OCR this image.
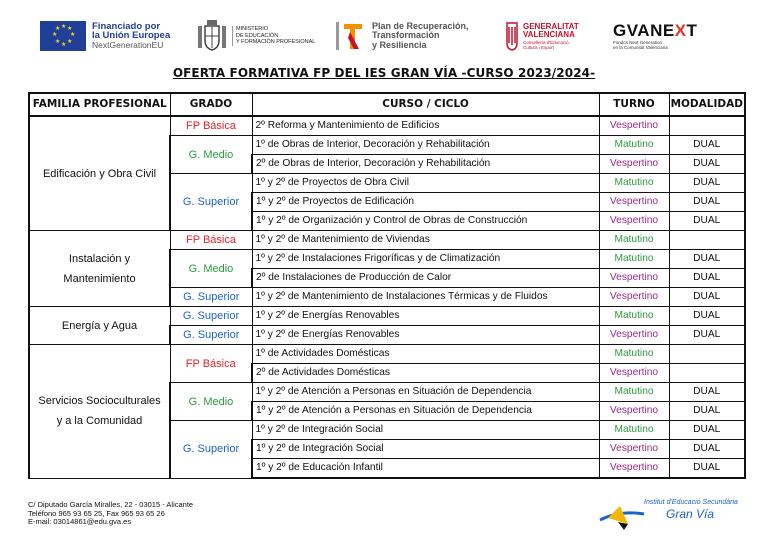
★ ★
★
★
★
★
★
★	Financiado por
la Unión Europea
NextGenerationEU
MINISTERIO
DE EDUCACIÓN
Y FORMACIÓN PROFESIONAL
Plan de Recuperación,
Transformación
y Resiliencia
GENERALITAT
VALENCIANA
Conselleria d'Educació,
Cultura i Esport
GVANEXT
Fondos Next Generation
en la Comunitat Valenciana
OFERTA FORMATIVA FP DEL IES GRAN VÍA -CURSO 2023/2024-
FAMILIA PROFESIONAL	GRADO	CURSO / CICLO	TURNO	MODALIDAD
Edificación y Obra Civil	FP Básica	2º Reforma y Mantenimiento de Edificios	Vespertino	
	G. Medio	1º de Obras de Interior, Decoración y Rehabilitación	Matutino	DUAL
		2º de Obras de Interior, Decoración y Rehabilitación	Vespertino	DUAL
	G. Superior	1º y 2º de Proyectos de Obra Civil	Matutino	DUAL
		1º y 2º de Proyectos de Edificación	Vespertino	DUAL
		1º y 2º de Organización y Control de Obras de Construcción	Vespertino	DUAL

Instalación y
Mantenimiento	FP Básica	1º y 2º de Mantenimiento de Viviendas	Matutino	
	G. Medio	1º y 2º de Instalaciones Frigoríficas y de Climatización	Matutino	DUAL
		2º de Instalaciones de Producción de Calor	Vespertino	DUAL
	G. Superior	1º y 2º de Mantenimiento de Instalaciones Térmicas y de Fluidos	Vespertino	DUAL
Energía y Agua	G. Superior	1º y 2º de Energías Renovables	Matutino	DUAL
	G. Superior	1º y 2º de Energías Renovables	Vespertino	DUAL

Servicios Socioculturales
y a la Comunidad	FP Básica	1º de Actividades Domésticas	Matutino	
		2º de Actividades Domésticas	Vespertino	
	G. Medio	1º y 2º de Atención a Personas en Situación de Dependencia	Matutino	DUAL
		1º y 2º de Atención a Personas en Situación de Dependencia	Vespertino	DUAL
	G. Superior	1º y 2º de Integración Social	Matutino	DUAL
		1º y 2º de Integración Social	Vespertino	DUAL
		1º y 2º de Educación Infantil	Vespertino	DUAL
C/ Diputado García Miralles, 22 - 03015 - Alicante
Teléfono 965 93 65 25, Fax 965 93 65 26
E-mail: 03014861@edu.gva.es
Institut d'Educació Secundària
Gran Vía
